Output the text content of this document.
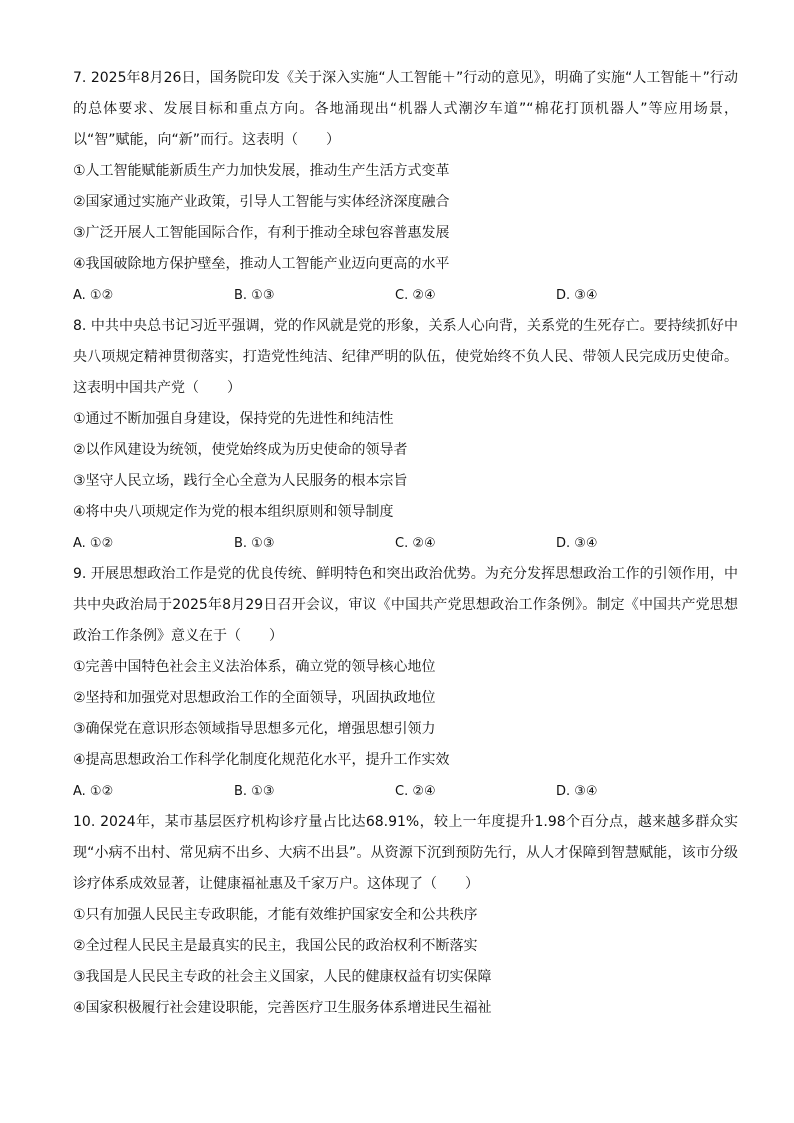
7. 2025年8月26日，国务院印发《关于深入实施“人工智能＋”行动的意见》，明确了实施“人工智能＋”行动的总体要求、发展目标和重点方向。各地涌现出“机器人式潮汐车道”“棉花打顶机器人”等应用场景，以“智”赋能，向“新”而行。这表明（　　）

①人工智能赋能新质生产力加快发展，推动生产生活方式变革

②国家通过实施产业政策，引导人工智能与实体经济深度融合

③广泛开展人工智能国际合作，有利于推动全球包容普惠发展

④我国破除地方保护壁垒，推动人工智能产业迈向更高的水平

A. ①②	B. ①③	C. ②④	D. ③④

8. 中共中央总书记习近平强调，党的作风就是党的形象，关系人心向背，关系党的生死存亡。要持续抓好中央八项规定精神贯彻落实，打造党性纯洁、纪律严明的队伍，使党始终不负人民、带领人民完成历史使命。这表明中国共产党（　　）

①通过不断加强自身建设，保持党的先进性和纯洁性

②以作风建设为统领，使党始终成为历史使命的领导者

③坚守人民立场，践行全心全意为人民服务的根本宗旨

④将中央八项规定作为党的根本组织原则和领导制度

A. ①②	B. ①③	C. ②④	D. ③④

9. 开展思想政治工作是党的优良传统、鲜明特色和突出政治优势。为充分发挥思想政治工作的引领作用，中共中央政治局于2025年8月29日召开会议，审议《中国共产党思想政治工作条例》。制定《中国共产党思想政治工作条例》意义在于（　　）

①完善中国特色社会主义法治体系，确立党的领导核心地位

②坚持和加强党对思想政治工作的全面领导，巩固执政地位

③确保党在意识形态领域指导思想多元化，增强思想引领力

④提高思想政治工作科学化制度化规范化水平，提升工作实效

A. ①②	B. ①③	C. ②④	D. ③④

10. 2024年，某市基层医疗机构诊疗量占比达68.91%，较上一年度提升1.98个百分点，越来越多群众实现“小病不出村、常见病不出乡、大病不出县”。从资源下沉到预防先行，从人才保障到智慧赋能，该市分级诊疗体系成效显著，让健康福祉惠及千家万户。这体现了（　　）

①只有加强人民民主专政职能，才能有效维护国家安全和公共秩序

②全过程人民民主是最真实的民主，我国公民的政治权利不断落实

③我国是人民民主专政的社会主义国家，人民的健康权益有切实保障

④国家积极履行社会建设职能，完善医疗卫生服务体系增进民生福祉
